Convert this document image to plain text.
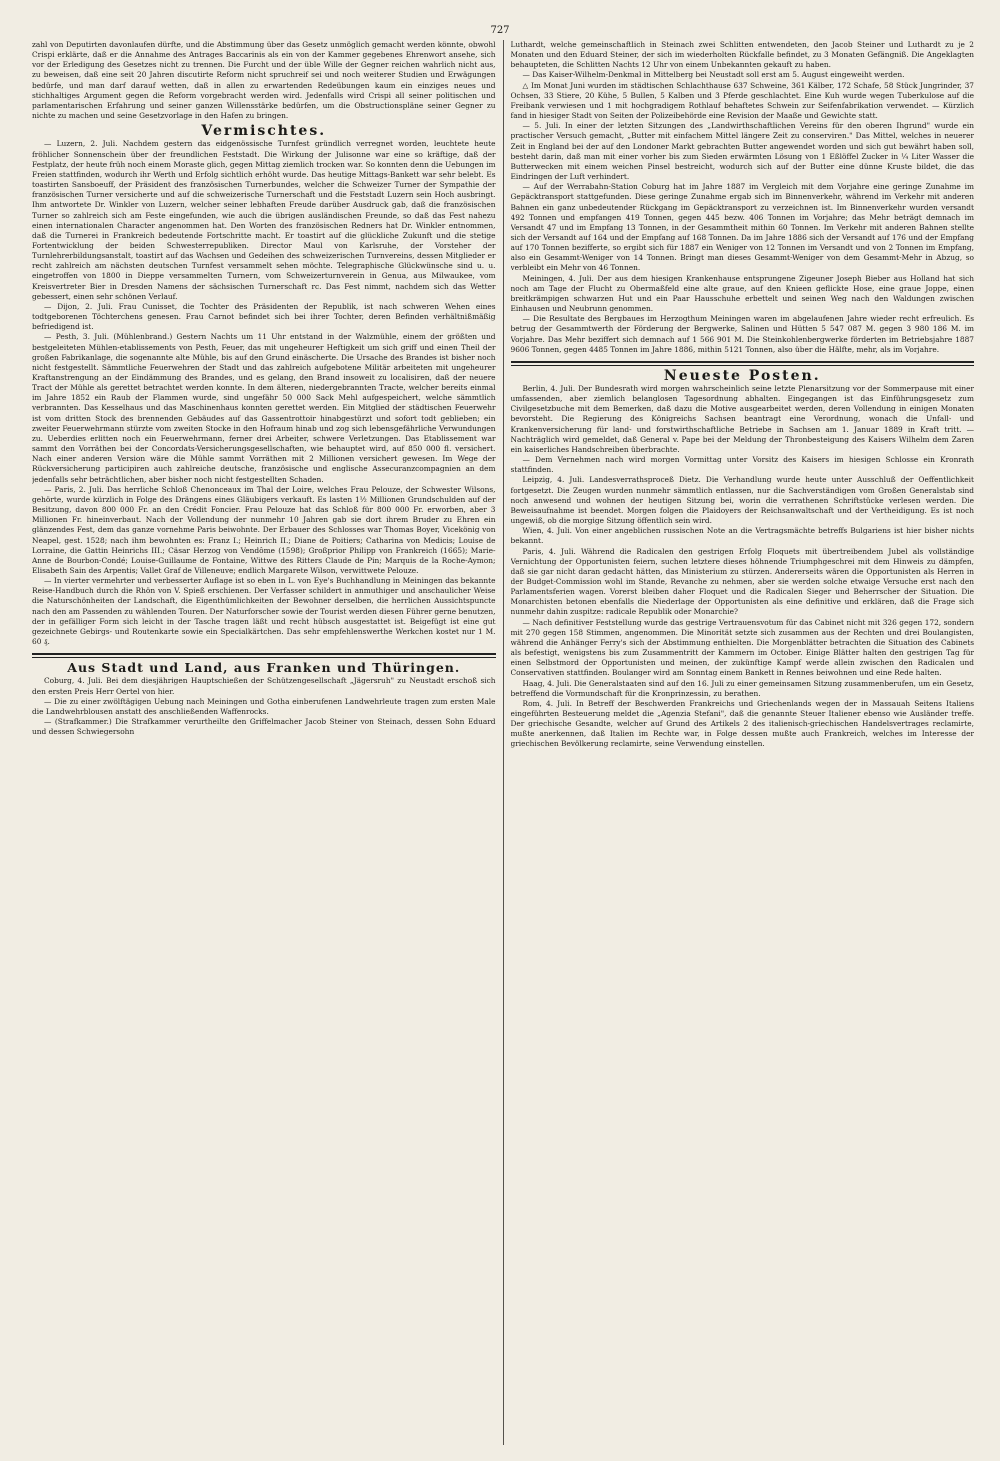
727

zahl von Deputirten davonlaufen dürfte, und die Abstimmung über das Gesetz unmöglich gemacht werden könnte, obwohl Crispi erklärte, daß er die Annahme des Antrages Baccarinis als ein von der Kammer gegebenes Ehrenwort ansehe, sich vor der Erledigung des Gesetzes nicht zu trennen. Die Furcht und der üble Wille der Gegner reichen wahrlich nicht aus, zu beweisen, daß eine seit 20 Jahren discutirte Reform nicht spruchreif sei und noch weiterer Studien und Erwägungen bedürfe, und man darf darauf wetten, daß in allen zu erwartenden Redeübungen kaum ein einziges neues und stichhaltiges Argument gegen die Reform vorgebracht werden wird. Jedenfalls wird Crispi all seiner politischen und parlamentarischen Erfahrung und seiner ganzen Willensstärke bedürfen, um die Obstructionspläne seiner Gegner zu nichte zu machen und seine Gesetzvorlage in den Hafen zu bringen.

Vermischtes.

— Luzern, 2. Juli. Nachdem gestern das eidgenössische Turnfest gründlich verregnet worden, leuchtete heute fröhlicher Sonnenschein über der freundlichen Feststadt. Die Wirkung der Julisonne war eine so kräftige, daß der Festplatz, der heute früh noch einem Moraste glich, gegen Mittag ziemlich trocken war. So konnten denn die Uebungen im Freien stattfinden, wodurch ihr Werth und Erfolg sichtlich erhöht wurde. Das heutige Mittags-Bankett war sehr belebt. Es toastirten Sansboeuff, der Präsident des französischen Turnerbundes, welcher die Schweizer Turner der Sympathie der französischen Turner versicherte und auf die schweizerische Turnerschaft und die Feststadt Luzern sein Hoch ausbringt. Ihm antwortete Dr. Winkler von Luzern, welcher seiner lebhaften Freude darüber Ausdruck gab, daß die französischen Turner so zahlreich sich am Feste eingefunden, wie auch die übrigen ausländischen Freunde, so daß das Fest nahezu einen internationalen Character angenommen hat. Den Worten des französischen Redners hat Dr. Winkler entnommen, daß die Turnerei in Frankreich bedeutende Fortschritte macht. Er toastirt auf die glückliche Zukunft und die stetige Fortentwicklung der beiden Schwesterrepubliken. Director Maul von Karlsruhe, der Vorsteher der Turnlehrerbildungsanstalt, toastirt auf das Wachsen und Gedeihen des schweizerischen Turnvereins, dessen Mitglieder er recht zahlreich am nächsten deutschen Turnfest versammelt sehen möchte. Telegraphische Glückwünsche sind u. u. eingetroffen von 1800 in Dieppe versammelten Turnern, vom Schweizerturnverein in Genua, aus Milwaukee, vom Kreisvertreter Bier in Dresden Namens der sächsischen Turnerschaft rc. Das Fest nimmt, nachdem sich das Wetter gebessert, einen sehr schönen Verlauf.

— Dijon, 2. Juli. Frau Cunisset, die Tochter des Präsidenten der Republik, ist nach schweren Wehen eines todtgeborenen Töchterchens genesen. Frau Carnot befindet sich bei ihrer Tochter, deren Befinden verhältnißmäßig befriedigend ist.

— Pesth, 3. Juli. (Mühlenbrand.) Gestern Nachts um 11 Uhr entstand in der Walzmühle, einem der größten und bestgeleiteten Mühlen-etablissements von Pesth, Feuer, das mit ungeheurer Heftigkeit um sich griff und einen Theil der großen Fabrikanlage, die sogenannte alte Mühle, bis auf den Grund einäscherte. Die Ursache des Brandes ist bisher noch nicht festgestellt. Sämmtliche Feuerwehren der Stadt und das zahlreich aufgebotene Militär arbeiteten mit ungeheurer Kraftanstrengung an der Eindämmung des Brandes, und es gelang, den Brand insoweit zu localisiren, daß der neuere Tract der Mühle als gerettet betrachtet werden konnte. In dem älteren, niedergebrannten Tracte, welcher bereits einmal im Jahre 1852 ein Raub der Flammen wurde, sind ungefähr 50 000 Sack Mehl aufgespeichert, welche sämmtlich verbrannten. Das Kesselhaus und das Maschinenhaus konnten gerettet werden. Ein Mitglied der städtischen Feuerwehr ist vom dritten Stock des brennenden Gebäudes auf das Gassentrottoir hinabgestürzt und sofort todt geblieben; ein zweiter Feuerwehrmann stürzte vom zweiten Stocke in den Hofraum hinab und zog sich lebensgefährliche Verwundungen zu. Ueberdies erlitten noch ein Feuerwehrmann, ferner drei Arbeiter, schwere Verletzungen. Das Etablissement war sammt den Vorräthen bei der Concordats-Versicherungsgesellschaften, wie behauptet wird, auf 850 000 fl. versichert. Nach einer anderen Version wäre die Mühle sammt Vorräthen mit 2 Millionen versichert gewesen. Im Wege der Rückversicherung participiren auch zahlreiche deutsche, französische und englische Assecuranzcompagnien an dem jedenfalls sehr beträchtlichen, aber bisher noch nicht festgestellten Schaden.

— Paris, 2. Juli. Das herrliche Schloß Chenonceaux im Thal der Loire, welches Frau Pelouze, der Schwester Wilsons, gehörte, wurde kürzlich in Folge des Drängens eines Gläubigers verkauft. Es lasten 1½ Millionen Grundschulden auf der Besitzung, davon 800 000 Fr. an den Crédit Foncier. Frau Pelouze hat das Schloß für 800 000 Fr. erworben, aber 3 Millionen Fr. hineinverbaut. Nach der Vollendung der nunmehr 10 Jahren gab sie dort ihrem Bruder zu Ehren ein glänzendes Fest, dem das ganze vornehme Paris beiwohnte. Der Erbauer des Schlosses war Thomas Boyer, Vicekönig von Neapel, gest. 1528; nach ihm bewohnten es: Franz I.; Heinrich II.; Diane de Poitiers; Catharina von Medicis; Louise de Lorraine, die Gattin Heinrichs III.; Cäsar Herzog von Vendôme (1598); Großprior Philipp von Frankreich (1665); Marie-Anne de Bourbon-Condé; Louise-Guillaume de Fontaine, Wittwe des Ritters Claude de Pin; Marquis de la Roche-Aymon; Elisabeth Sain des Arpentis; Vallet Graf de Villeneuve; endlich Margarete Wilson, verwittwete Pelouze.

— In vierter vermehrter und verbesserter Auflage ist so eben in L. von Eye's Buchhandlung in Meiningen das bekannte Reise-Handbuch durch die Rhön von V. Spieß erschienen. Der Verfasser schildert in anmuthiger und anschaulicher Weise die Naturschönheiten der Landschaft, die Eigenthümlichkeiten der Bewohner derselben, die herrlichen Aussichtspuncte nach den am Passenden zu wählenden Touren. Der Naturforscher sowie der Tourist werden diesen Führer gerne benutzen, der in gefälliger Form sich leicht in der Tasche tragen läßt und recht hübsch ausgestattet ist. Beigefügt ist eine gut gezeichnete Gebirgs- und Routenkarte sowie ein Specialkärtchen. Das sehr empfehlenswerthe Werkchen kostet nur 1 M. 60 ₰.

Aus Stadt und Land, aus Franken und Thüringen.

Coburg, 4. Juli. Bei dem diesjährigen Hauptschießen der Schützengesellschaft „Jägersruh" zu Neustadt erschoß sich den ersten Preis Herr Oertel von hier.

— Die zu einer zwölftägigen Uebung nach Meiningen und Gotha einberufenen Landwehrleute tragen zum ersten Male die Landwehrblousen anstatt des anschließenden Waffenrocks.

— (Strafkammer.) Die Strafkammer verurtheilte den Griffelmacher Jacob Steiner von Steinach, dessen Sohn Eduard und dessen Schwiegersohn

Luthardt, welche gemeinschaftlich in Steinach zwei Schlitten entwendeten, den Jacob Steiner und Luthardt zu je 2 Monaten und den Eduard Steiner, der sich im wiederholten Rückfalle befindet, zu 3 Monaten Gefängniß. Die Angeklagten behaupteten, die Schlitten Nachts 12 Uhr von einem Unbekannten gekauft zu haben.

— Das Kaiser-Wilhelm-Denkmal in Mittelberg bei Neustadt soll erst am 5. August eingeweiht werden.

△ Im Monat Juni wurden im städtischen Schlachthause 637 Schweine, 361 Kälber, 172 Schafe, 58 Stück Jungrinder, 37 Ochsen, 33 Stiere, 20 Kühe, 5 Bullen, 5 Kalben und 3 Pferde geschlachtet. Eine Kuh wurde wegen Tuberkulose auf die Freibank verwiesen und 1 mit hochgradigem Rothlauf behaftetes Schwein zur Seifenfabrikation verwendet. — Kürzlich fand in hiesiger Stadt von Seiten der Polizeibehörde eine Revision der Maaße und Gewichte statt.

— 5. Juli. In einer der letzten Sitzungen des „Landwirthschaftlichen Vereins für den oberen Ihgrund" wurde ein practischer Versuch gemacht, „Butter mit einfachem Mittel längere Zeit zu conserviren." Das Mittel, welches in neuerer Zeit in England bei der auf den Londoner Markt gebrachten Butter angewendet worden und sich gut bewährt haben soll, besteht darin, daß man mit einer vorher bis zum Sieden erwärmten Lösung von 1 Eßlöffel Zucker in ¼ Liter Wasser die Butterwecken mit einem weichen Pinsel bestreicht, wodurch sich auf der Butter eine dünne Kruste bildet, die das Eindringen der Luft verhindert.

— Auf der Werrabahn-Station Coburg hat im Jahre 1887 im Vergleich mit dem Vorjahre eine geringe Zunahme im Gepäcktransport stattgefunden. Diese geringe Zunahme ergab sich im Binnenverkehr, während im Verkehr mit anderen Bahnen ein ganz unbedeutender Rückgang im Gepäcktransport zu verzeichnen ist. Im Binnenverkehr wurden versandt 492 Tonnen und empfangen 419 Tonnen, gegen 445 bezw. 406 Tonnen im Vorjahre; das Mehr beträgt demnach im Versandt 47 und im Empfang 13 Tonnen, in der Gesammtheit mithin 60 Tonnen. Im Verkehr mit anderen Bahnen stellte sich der Versandt auf 164 und der Empfang auf 168 Tonnen. Da im Jahre 1886 sich der Versandt auf 176 und der Empfang auf 170 Tonnen bezifferte, so ergibt sich für 1887 ein Weniger von 12 Tonnen im Versandt und von 2 Tonnen im Empfang, also ein Gesammt-Weniger von 14 Tonnen. Bringt man dieses Gesammt-Weniger von dem Gesammt-Mehr in Abzug, so verbleibt ein Mehr von 46 Tonnen.

Meiningen, 4. Juli. Der aus dem hiesigen Krankenhause entsprungene Zigeuner Joseph Bieber aus Holland hat sich noch am Tage der Flucht zu Obermaßfeld eine alte graue, auf den Knieen geflickte Hose, eine graue Joppe, einen breitkrämpigen schwarzen Hut und ein Paar Hausschuhe erbettelt und seinen Weg nach den Waldungen zwischen Einhausen und Neubrunn genommen.

— Die Resultate des Bergbaues im Herzogthum Meiningen waren im abgelaufenen Jahre wieder recht erfreulich. Es betrug der Gesammtwerth der Förderung der Bergwerke, Salinen und Hütten 5 547 087 M. gegen 3 980 186 M. im Vorjahre. Das Mehr beziffert sich demnach auf 1 566 901 M. Die Steinkohlenbergwerke förderten im Betriebsjahre 1887 9606 Tonnen, gegen 4485 Tonnen im Jahre 1886, mithin 5121 Tonnen, also über die Hälfte, mehr, als im Vorjahre.

Neueste Posten.

Berlin, 4. Juli. Der Bundesrath wird morgen wahrscheinlich seine letzte Plenarsitzung vor der Sommerpause mit einer umfassenden, aber ziemlich belanglosen Tagesordnung abhalten. Eingegangen ist das Einführungsgesetz zum Civilgesetzbuche mit dem Bemerken, daß dazu die Motive ausgearbeitet werden, deren Vollendung in einigen Monaten bevorsteht. Die Regierung des Königreichs Sachsen beantragt eine Verordnung, wonach die Unfall- und Krankenversicherung für land- und forstwirthschaftliche Betriebe in Sachsen am 1. Januar 1889 in Kraft tritt. — Nachträglich wird gemeldet, daß General v. Pape bei der Meldung der Thronbesteigung des Kaisers Wilhelm dem Zaren ein kaiserliches Handschreiben überbrachte.

— Dem Vernehmen nach wird morgen Vormittag unter Vorsitz des Kaisers im hiesigen Schlosse ein Kronrath stattfinden.

Leipzig, 4. Juli. Landesverrathsproceß Dietz. Die Verhandlung wurde heute unter Ausschluß der Oeffentlichkeit fortgesetzt. Die Zeugen wurden nunmehr sämmtlich entlassen, nur die Sachverständigen vom Großen Generalstab sind noch anwesend und wohnen der heutigen Sitzung bei, worin die verrathenen Schriftstücke verlesen werden. Die Beweisaufnahme ist beendet. Morgen folgen die Plaidoyers der Reichsanwaltschaft und der Vertheidigung. Es ist noch ungewiß, ob die morgige Sitzung öffentlich sein wird.

Wien, 4. Juli. Von einer angeblichen russischen Note an die Vertragsmächte betreffs Bulgariens ist hier bisher nichts bekannt.

Paris, 4. Juli. Während die Radicalen den gestrigen Erfolg Floquets mit übertreibendem Jubel als vollständige Vernichtung der Opportunisten feiern, suchen letztere dieses höhnende Triumphgeschrei mit dem Hinweis zu dämpfen, daß sie gar nicht daran gedacht hätten, das Ministerium zu stürzen. Andererseits wären die Opportunisten als Herren in der Budget-Commission wohl im Stande, Revanche zu nehmen, aber sie werden solche etwaige Versuche erst nach den Parlamentsferien wagen. Vorerst bleiben daher Floquet und die Radicalen Sieger und Beherrscher der Situation. Die Monarchisten betonen ebenfalls die Niederlage der Opportunisten als eine definitive und erklären, daß die Frage sich nunmehr dahin zuspitze: radicale Republik oder Monarchie?

— Nach definitiver Feststellung wurde das gestrige Vertrauensvotum für das Cabinet nicht mit 326 gegen 172, sondern mit 270 gegen 158 Stimmen, angenommen. Die Minorität setzte sich zusammen aus der Rechten und drei Boulangisten, während die Anhänger Ferry's sich der Abstimmung enthielten. Die Morgenblätter betrachten die Situation des Cabinets als befestigt, wenigstens bis zum Zusammentritt der Kammern im October. Einige Blätter halten den gestrigen Tag für einen Selbstmord der Opportunisten und meinen, der zukünftige Kampf werde allein zwischen den Radicalen und Conservativen stattfinden. Boulanger wird am Sonntag einem Bankett in Rennes beiwohnen und eine Rede halten.

Haag, 4. Juli. Die Generalstaaten sind auf den 16. Juli zu einer gemeinsamen Sitzung zusammenberufen, um ein Gesetz, betreffend die Vormundschaft für die Kronprinzessin, zu berathen.

Rom, 4. Juli. In Betreff der Beschwerden Frankreichs und Griechenlands wegen der in Massauah Seitens Italiens eingeführten Besteuerung meldet die „Agenzia Stefani", daß die genannte Steuer Italiener ebenso wie Ausländer treffe. Der griechische Gesandte, welcher auf Grund des Artikels 2 des italienisch-griechischen Handelsvertrages reclamirte, mußte anerkennen, daß Italien im Rechte war, in Folge dessen mußte auch Frankreich, welches im Interesse der griechischen Bevölkerung reclamirte, seine Verwendung einstellen.
